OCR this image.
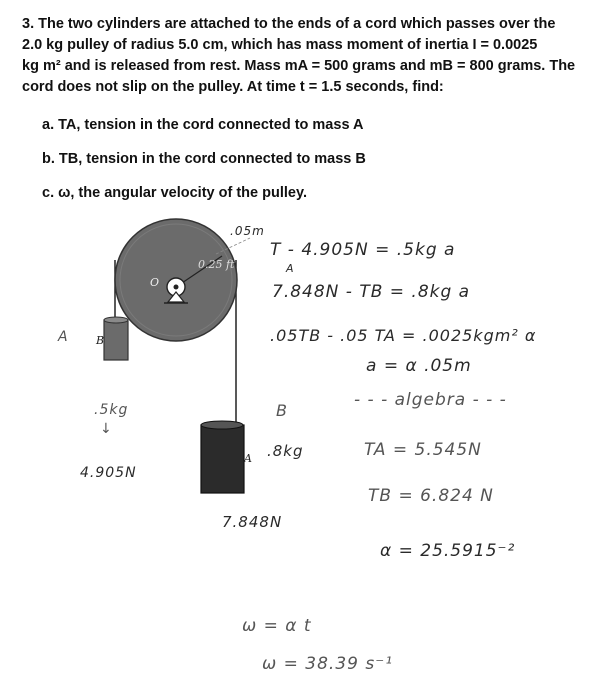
3. The two cylinders are attached to the ends of a cord which passes over the
2.0 kg pulley of radius 5.0 cm, which has mass moment of inertia I = 0.0025
kg m² and is released from rest. Mass mA = 500 grams and mB = 800 grams. The
cord does not slip on the pulley. At time t = 1.5 seconds, find:
a. TA, tension in the cord connected to mass A
b. TB, tension in the cord connected to mass B
c. ω, the angular velocity of the pulley.
0.25 ft
O
B
A
.05m
T - 4.905N = .5kg a
A
7.848N - TB = .8kg a
.05TB - .05 TA = .0025kgm² α
a = α .05m
- - - algebra - - -
TA = 5.545N
TB = 6.824 N
α = 25.5915⁻²
A
.5kg
↓
4.905N
B
.8kg
7.848N
ω = α t
ω = 38.39 s⁻¹
